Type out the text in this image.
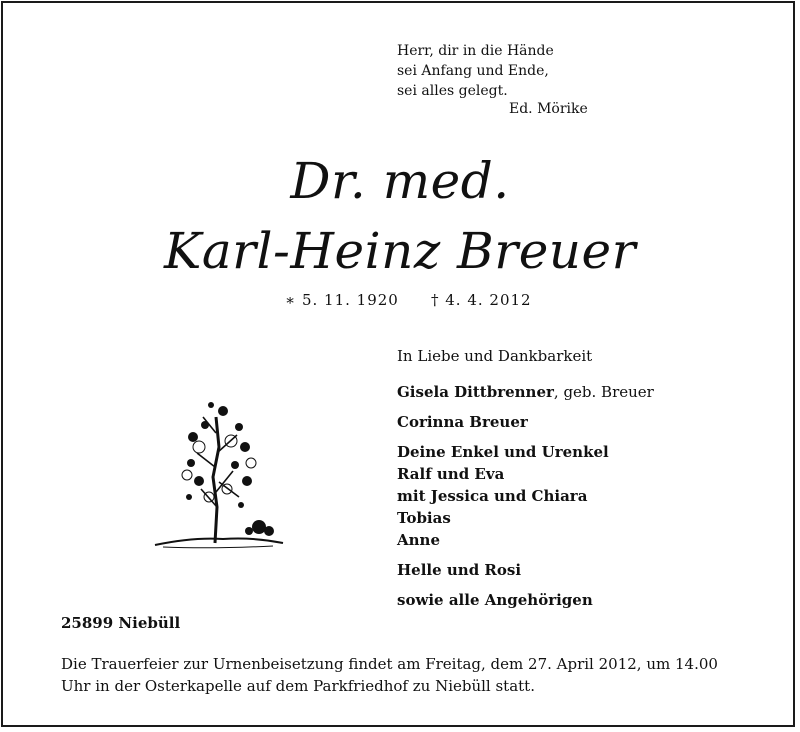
Herr, dir in die Hände
sei Anfang und Ende,
sei alles gelegt.
Ed. Mörike
Dr. med.
Karl-Heinz Breuer
∗ 5. 11. 1920 † 4. 4. 2012
In Liebe und Dankbarkeit
Gisela Dittbrenner, geb. Breuer
Corinna Breuer
Deine Enkel und Urenkel
Ralf und Eva
mit Jessica und Chiara
Tobias
Anne
Helle und Rosi
sowie alle Angehörigen
25899 Niebüll
Die Trauerfeier zur Urnenbeisetzung findet am Freitag, dem 27. April 2012, um 14.00 Uhr in der Osterkapelle auf dem Parkfriedhof zu Niebüll statt.
